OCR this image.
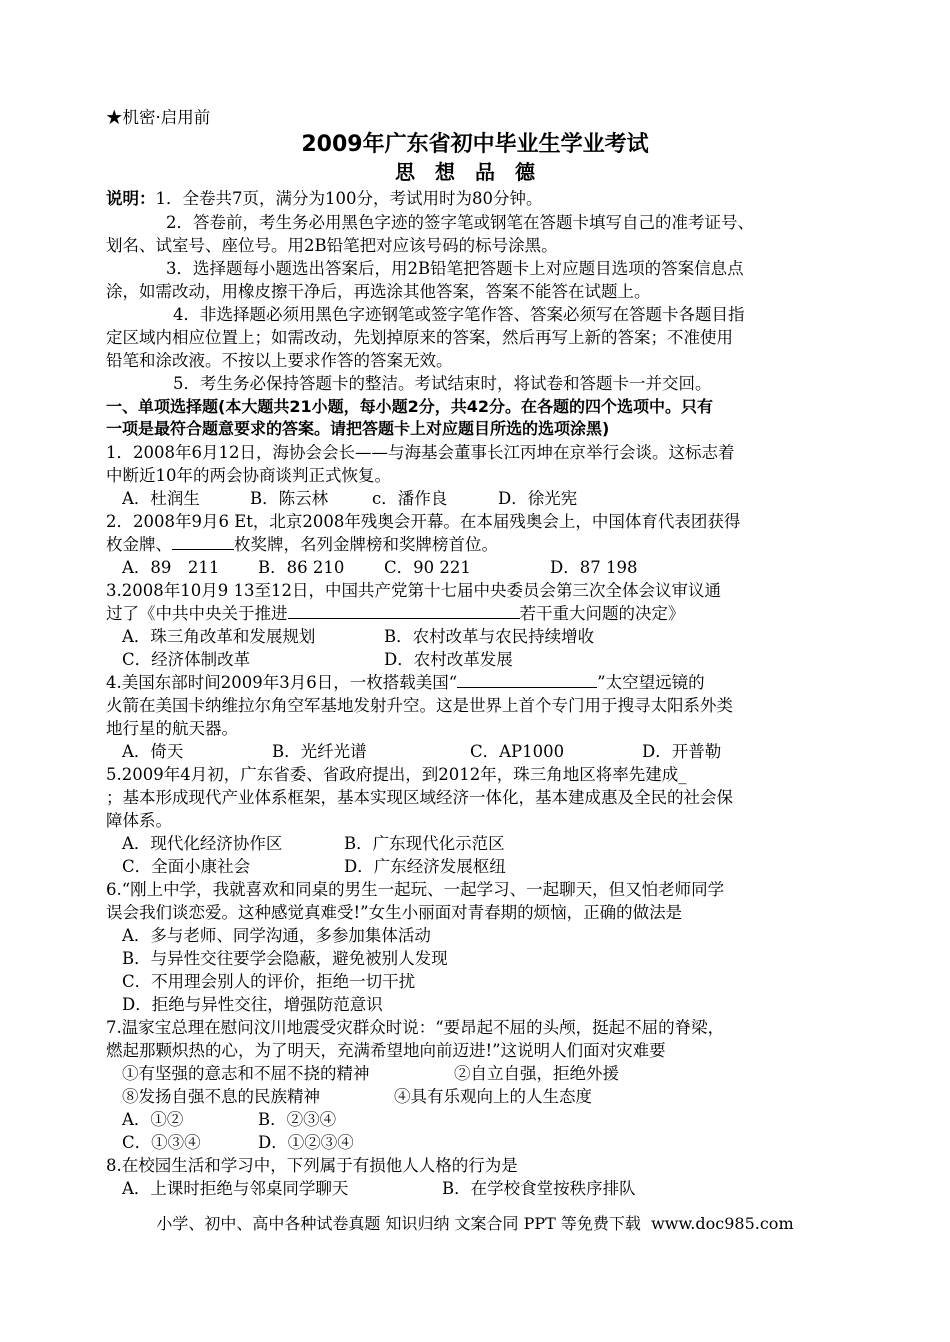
★机密·启用前
2009年广东省初中毕业生学业考试
思想品德
说明：1．全卷共7页，满分为100分，考试用时为80分钟。
2．答卷前，考生务必用黑色字迹的签字笔或钢笔在答题卡填写自己的准考证号、
划名、试室号、座位号。用2B铅笔把对应该号码的标号涂黑。
3．选择题每小题选出答案后，用2B铅笔把答题卡上对应题目选项的答案信息点
涂，如需改动，用橡皮擦干净后，再选涂其他答案，答案不能答在试题上。
4．非选择题必须用黑色字迹钢笔或签字笔作答、答案必须写在答题卡各题目指
定区域内相应位置上；如需改动，先划掉原来的答案，然后再写上新的答案；不准使用
铅笔和涂改液。不按以上要求作答的答案无效。
5．考生务必保持答题卡的整洁。考试结束时，将试卷和答题卡一并交回。
一、单项选择题(本大题共21小题，每小题2分，共42分。在各题的四个选项中。只有
一项是最符合题意要求的答案。请把答题卡上对应题目所选的选项涂黑)
1．2008年6月12日，海协会会长——与海基会董事长江丙坤在京举行会谈。这标志着
中断近10年的两会协商谈判正式恢复。
A．杜润生	B．陈云林	c．潘作良	D．徐光宪
2．2008年9月6 Et，北京2008年残奥会开幕。在本届残奥会上，中国体育代表团获得
枚金牌、	枚奖牌，名列金牌榜和奖牌榜首位。
A．89　211 B．86 210 C．90 221	D．87 198
3.2008年10月9 13至12日，中国共产党第十七届中央委员会第三次全体会议审议通
过了《中共中央关于推进	若干重大问题的决定》
A．珠三角改革和发展规划	B．农村改革与农民持续增收
C．经济体制改革	D．农村改革发展
4.美国东部时间2009年3月6日，一枚搭载美国“	”太空望远镜的
火箭在美国卡纳维拉尔角空军基地发射升空。这是世界上首个专门用于搜寻太阳系外类
地行星的航天器。
A．倚天	B．光纤光谱	C．AP1000	D．开普勒
5.2009年4月初，广东省委、省政府提出，到2012年，珠三角地区将率先建成_
；基本形成现代产业体系框架，基本实现区域经济一体化，基本建成惠及全民的社会保
障体系。
A．现代化经济协作区	B．广东现代化示范区
C．全面小康社会	D．广东经济发展枢纽
6.“刚上中学，我就喜欢和同桌的男生一起玩、一起学习、一起聊天，但又怕老师同学
误会我们谈恋爱。这种感觉真难受!”女生小丽面对青春期的烦恼，正确的做法是
A．多与老师、同学沟通，多参加集体活动
B．与异性交往要学会隐蔽，避免被别人发现
C．不用理会别人的评价，拒绝一切干扰
D．拒绝与异性交往，增强防范意识
7.温家宝总理在慰问汶川地震受灾群众时说：“要昂起不屈的头颅，挺起不屈的脊梁，
燃起那颗炽热的心，为了明天，充满希望地向前迈进!”这说明人们面对灾难要
①有坚强的意志和不屈不挠的精神	②自立自强，拒绝外援
⑧发扬自强不息的民族精神	④具有乐观向上的人生态度
A．①②	B．②③④
C．①③④	D．①②③④
8.在校园生活和学习中，下列属于有损他人人格的行为是
A．上课时拒绝与邻桌同学聊天	B．在学校食堂按秩序排队
小学、初中、高中各种试卷真题 知识归纳 文案合同 PPT 等免费下载 www.doc985.com
